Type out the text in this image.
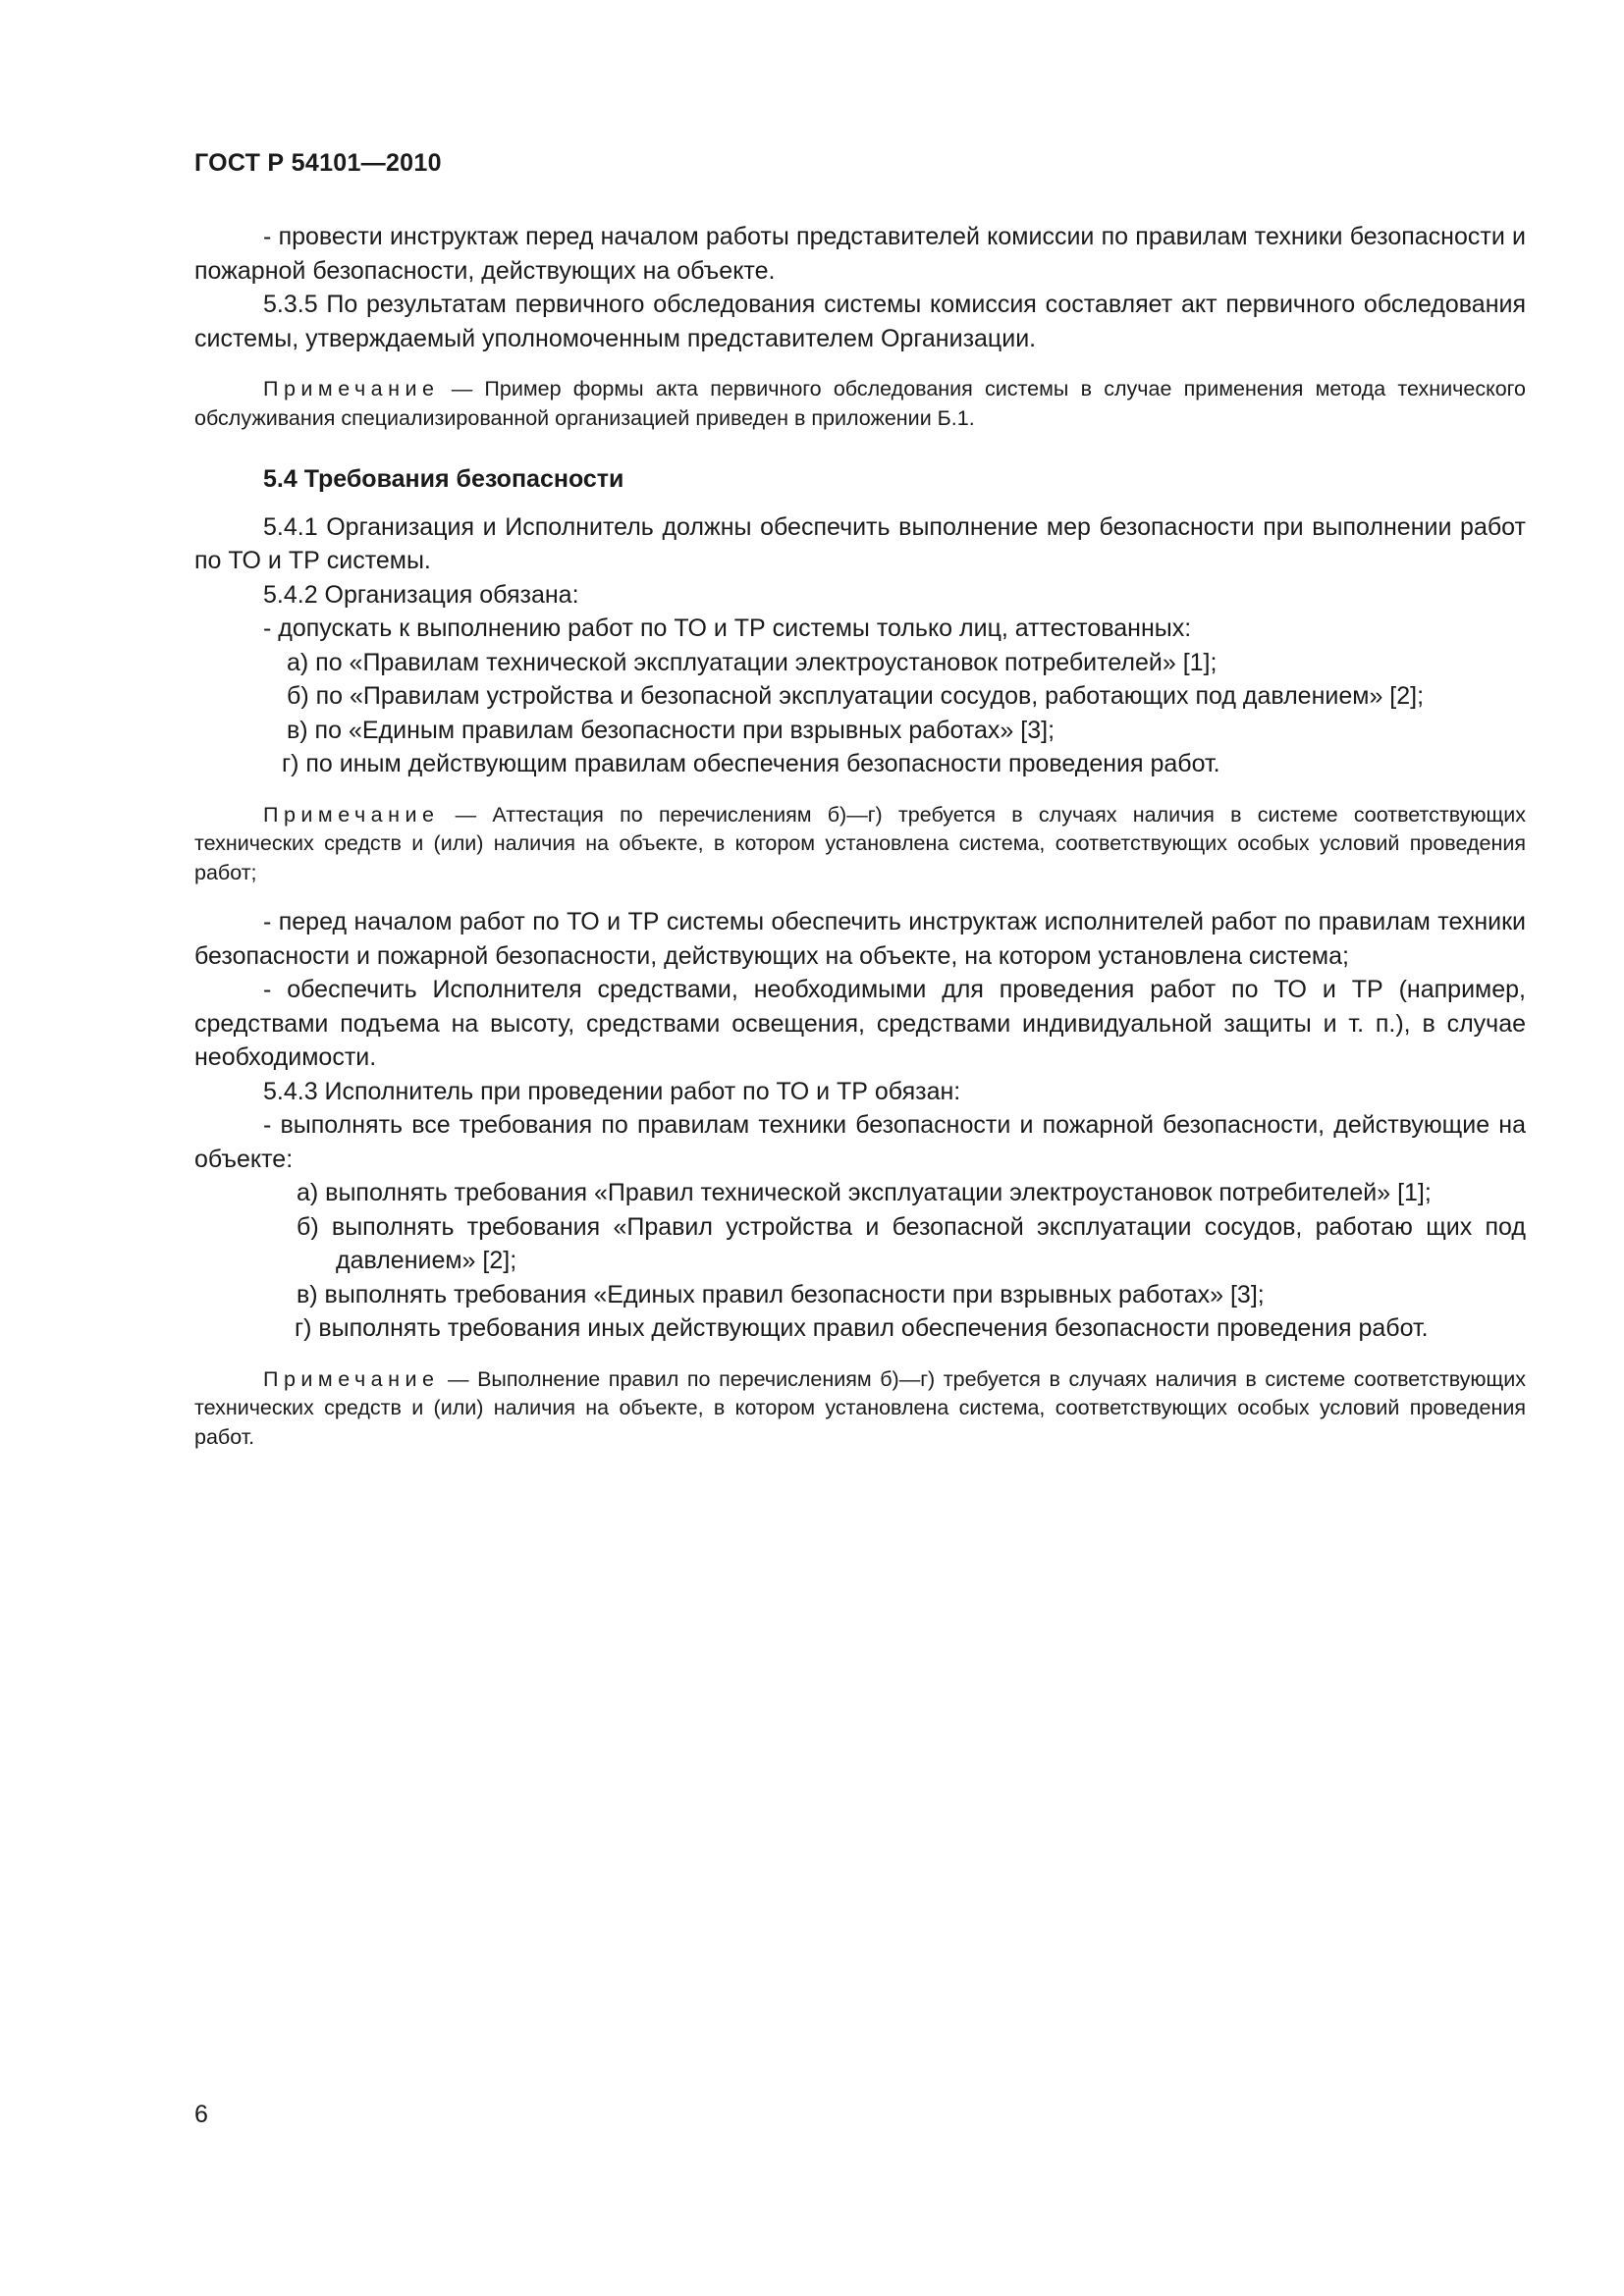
ГОСТ Р 54101—2010

- провести инструктаж перед началом работы представителей комиссии по правилам техники безопасности и пожарной безопасности, действующих на объекте.

5.3.5 По результатам первичного обследования системы комиссия составляет акт первичного обследования системы, утверждаемый уполномоченным представителем Организации.

Примечание — Пример формы акта первичного обследования системы в случае применения метода технического обслуживания специализированной организацией приведен в приложении Б.1.

5.4 Требования безопасности

5.4.1 Организация и Исполнитель должны обеспечить выполнение мер безопасности при выполнении работ по ТО и ТР системы.

5.4.2 Организация обязана:

- допускать к выполнению работ по ТО и ТР системы только лиц, аттестованных:

а) по «Правилам технической эксплуатации электроустановок потребителей» [1];

б) по «Правилам устройства и безопасной эксплуатации сосудов, работающих под давлением» [2];

в) по «Единым правилам безопасности при взрывных работах» [3];

г) по иным действующим правилам обеспечения безопасности проведения работ.

Примечание — Аттестация по перечислениям б)—г) требуется в случаях наличия в системе соответствующих технических средств и (или) наличия на объекте, в котором установлена система, соответствующих особых условий проведения работ;

- перед началом работ по ТО и ТР системы обеспечить инструктаж исполнителей работ по правилам техники безопасности и пожарной безопасности, действующих на объекте, на котором установлена система;

- обеспечить Исполнителя средствами, необходимыми для проведения работ по ТО и ТР (например, средствами подъема на высоту, средствами освещения, средствами индивидуальной защиты и т. п.), в случае необходимости.

5.4.3 Исполнитель при проведении работ по ТО и ТР обязан:

- выполнять все требования по правилам техники безопасности и пожарной безопасности, действующие на объекте:

а) выполнять требования «Правил технической эксплуатации электроустановок потребителей» [1];

б) выполнять требования «Правил устройства и безопасной эксплуатации сосудов, работаю щих под давлением» [2];

в) выполнять требования «Единых правил безопасности при взрывных работах» [3];

г) выполнять требования иных действующих правил обеспечения безопасности проведения работ.

Примечание — Выполнение правил по перечислениям б)—г) требуется в случаях наличия в системе соответствующих технических средств и (или) наличия на объекте, в котором установлена система, соответствующих особых условий проведения работ.

6
